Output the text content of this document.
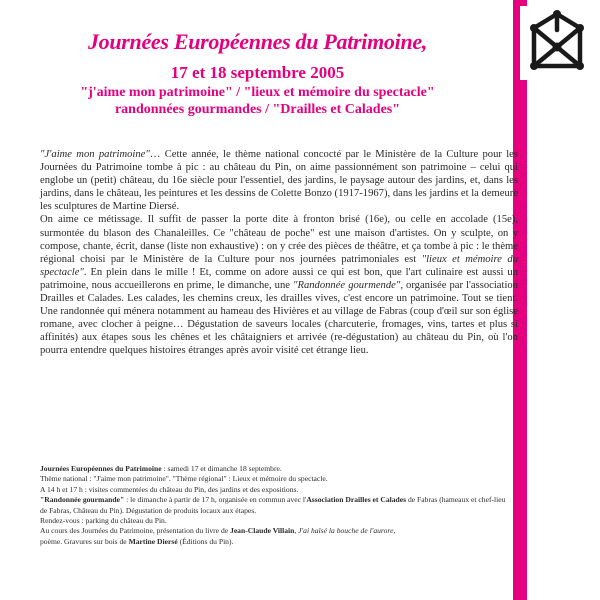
Journées Européennes du Patrimoine,
17 et 18 septembre 2005
"j'aime mon patrimoine" / "lieux et mémoire du spectacle"
randonnées gourmandes / "Drailles et Calades"

"J'aime mon patrimoine"… Cette année, le thème national concocté par le Ministère de la Culture pour les Journées du Patrimoine tombe à pic : au château du Pin, on aime passionnément son patrimoine – celui qui englobe un (petit) château, du 16e siècle pour l'essentiel, des jardins, le paysage autour des jardins, et, dans les jardins, dans le château, les peintures et les dessins de Colette Bonzo (1917-1967), dans les jardins et la demeure les sculptures de Martine Diersé.

On aime ce métissage. Il suffit de passer la porte dite à fronton brisé (16e), ou celle en accolade (15e), surmontée du blason des Chanaleilles. Ce "château de poche" est une maison d'artistes. On y sculpte, on y compose, chante, écrit, danse (liste non exhaustive) : on y crée des pièces de théâtre, et ça tombe à pic : le thème régional choisi par le Ministère de la Culture pour nos journées patrimoniales est "lieux et mémoire du spectacle". En plein dans le mille ! Et, comme on adore aussi ce qui est bon, que l'art culinaire est aussi un patrimoine, nous accueillerons en prime, le dimanche, une "Randonnée gourmende", organisée par l'association Drailles et Calades. Les calades, les chemins creux, les drailles vives, c'est encore un patrimoine. Tout se tient. Une randonnée qui ménera notamment au hameau des Hivières et au village de Fabras (coup d'œil sur son église romane, avec clocher à peigne… Dégustation de saveurs locales (charcuterie, fromages, vins, tartes et plus si affinités) aux étapes sous les chênes et les châtaigniers et arrivée (re-dégustation) au château du Pin, où l'on pourra entendre quelques histoires étranges après avoir visité cet étrange lieu.

Journées Européennes du Patrimoine : samedi 17 et dimanche 18 septembre.

Thème national : "J'aime mon patrimoine". "Thème régional" : Lieux et mémoire du spectacle.

A 14 h et 17 h : visites commentées du château du Pin, des jardins et des expositions.

"Randonnée gourmande" : le dimanche à partir de 17 h, organisée en commun avec l'Association Drailles et Calades de Fabras (hameaux et chef-lieu de Fabras, Château du Pin). Dégustation de produits locaux aux étapes.

Rendez-vous : parking du château du Pin.

Au cours des Journées du Patrimoine, présentation du livre de Jean-Claude Villain, J'ai haïsé la bouche de l'aurore,

poème. Gravures sur bois de Martine Diersé (Éditions du Pin).
